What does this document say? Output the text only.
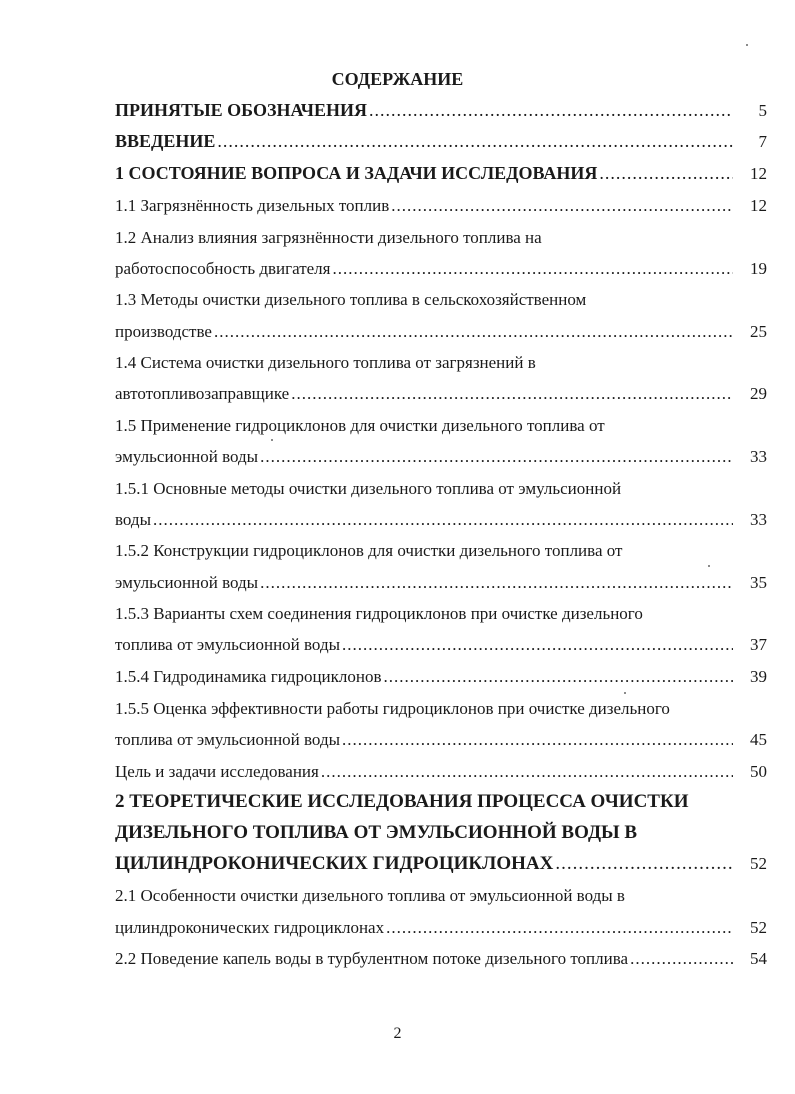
СОДЕРЖАНИЕ
ПРИНЯТЫЕ ОБОЗНАЧЕНИЯ .....	5
ВВЕДЕНИЕ .....	7
1 СОСТОЯНИЕ ВОПРОСА И ЗАДАЧИ ИССЛЕДОВАНИЯ .....	12
1.1 Загрязнённость дизельных топлив .....	12
1.2 Анализ влияния загрязнённости дизельного топлива на
работоспособность двигателя .....	19
1.3 Методы очистки дизельного топлива в сельскохозяйственном
производстве .....	25
1.4 Система очистки дизельного топлива от загрязнений в
автотопливозаправщике .....	29
1.5 Применение гидроциклонов для очистки дизельного топлива от
эмульсионной воды .....	33
1.5.1 Основные методы очистки дизельного топлива от эмульсионной
воды .....	33
1.5.2 Конструкции гидроциклонов для очистки дизельного топлива от
эмульсионной воды .....	35
1.5.3 Варианты схем соединения гидроциклонов при очистке дизельного
топлива от эмульсионной воды .....	37
1.5.4 Гидродинамика гидроциклонов .....	39
1.5.5 Оценка эффективности работы гидроциклонов при очистке дизельного
топлива от эмульсионной воды .....	45
Цель и задачи исследования .....	50
2 ТЕОРЕТИЧЕСКИЕ ИССЛЕДОВАНИЯ ПРОЦЕССА ОЧИСТКИ
ДИЗЕЛЬНОГО ТОПЛИВА ОТ ЭМУЛЬСИОННОЙ ВОДЫ В
ЦИЛИНДРОКОНИЧЕСКИХ ГИДРОЦИКЛОНАХ .....	52
2.1 Особенности очистки дизельного топлива от эмульсионной воды в
цилиндроконических гидроциклонах .....	52
2.2 Поведение капель воды в турбулентном потоке дизельного топлива .....	54
2
